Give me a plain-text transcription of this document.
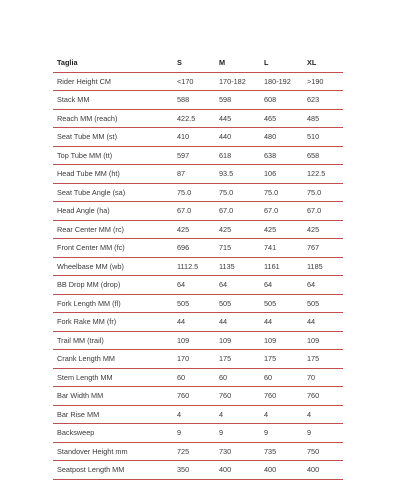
Taglia	S	M	L	XL
Rider Height CM	<170	170-182	180-192	>190
Stack MM	588	598	608	623
Reach MM (reach)	422.5	445	465	485
Seat Tube MM (st)	410	440	480	510
Top Tube MM (tt)	597	618	638	658
Head Tube MM (ht)	87	93.5	106	122.5
Seat Tube Angle (sa)	75.0	75.0	75.0	75.0
Head Angle (ha)	67.0	67.0	67.0	67.0
Rear Center MM (rc)	425	425	425	425
Front Center MM (fc)	696	715	741	767
Wheelbase MM (wb)	1112.5	1135	1161	1185
BB Drop MM (drop)	64	64	64	64
Fork Length MM (fl)	505	505	505	505
Fork Rake MM (fr)	44	44	44	44
Trail MM (trail)	109	109	109	109
Crank Length MM	170	175	175	175
Stem Length MM	60	60	60	70
Bar Width MM	760	760	760	760
Bar Rise MM	4	4	4	4
Backsweep	9	9	9	9
Standover Height mm	725	730	735	750
Seatpost Length MM	350	400	400	400
